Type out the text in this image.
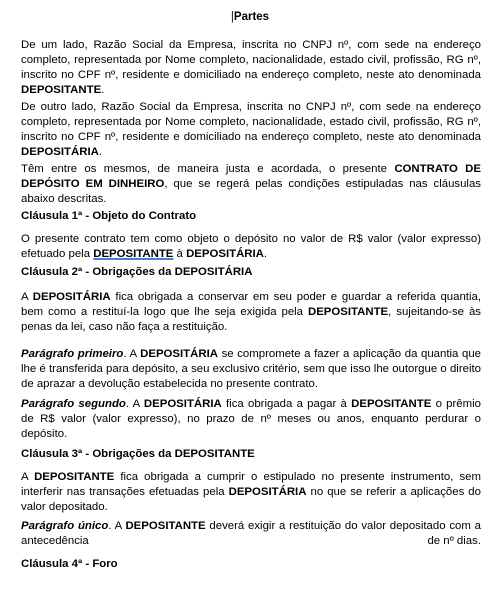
|Partes

De um lado, Razão Social da Empresa, inscrita no CNPJ nº, com sede na endereço completo, representada por Nome completo, nacionalidade, estado civil, profissão, RG nº, inscrito no CPF nº, residente e domiciliado na endereço completo, neste ato denominada DEPOSITANTE.

De outro lado, Razão Social da Empresa, inscrita no CNPJ nº, com sede na endereço completo, representada por Nome completo, nacionalidade, estado civil, profissão, RG nº, inscrito no CPF nº, residente e domiciliado na endereço completo, neste ato denominada DEPOSITÁRIA.

Têm entre os mesmos, de maneira justa e acordada, o presente CONTRATO DE DEPÓSITO EM DINHEIRO, que se regerá pelas condições estipuladas nas cláusulas abaixo descritas.

Cláusula 1ª - Objeto do Contrato

O presente contrato tem como objeto o depósito no valor de R$ valor (valor expresso) efetuado pela DEPOSITANTE à DEPOSITÁRIA.

Cláusula 2ª - Obrigações da DEPOSITÁRIA

A DEPOSITÁRIA fica obrigada a conservar em seu poder e guardar a referida quantia, bem como a restituí-la logo que lhe seja exigida pela DEPOSITANTE, sujeitando-se às penas da lei, caso não faça a restituição.

Parágrafo primeiro. A DEPOSITÁRIA se compromete a fazer a aplicação da quantia que lhe é transferida para depósito, a seu exclusivo critério, sem que isso lhe outorgue o direito de aprazar a devolução estabelecida no presente contrato.

Parágrafo segundo. A DEPOSITÁRIA fica obrigada a pagar à DEPOSITANTE o prêmio de R$ valor (valor expresso), no prazo de nº meses ou anos, enquanto perdurar o depósito.

Cláusula 3ª - Obrigações da DEPOSITANTE

A DEPOSITANTE fica obrigada a cumprir o estipulado no presente instrumento, sem interferir nas transações efetuadas pela DEPOSITÁRIA no que se referir a aplicações do valor depositado.

Parágrafo único. A DEPOSITANTE deverá exigir a restituição do valor depositado com a antecedência	de nº dias.

Cláusula 4ª - Foro
